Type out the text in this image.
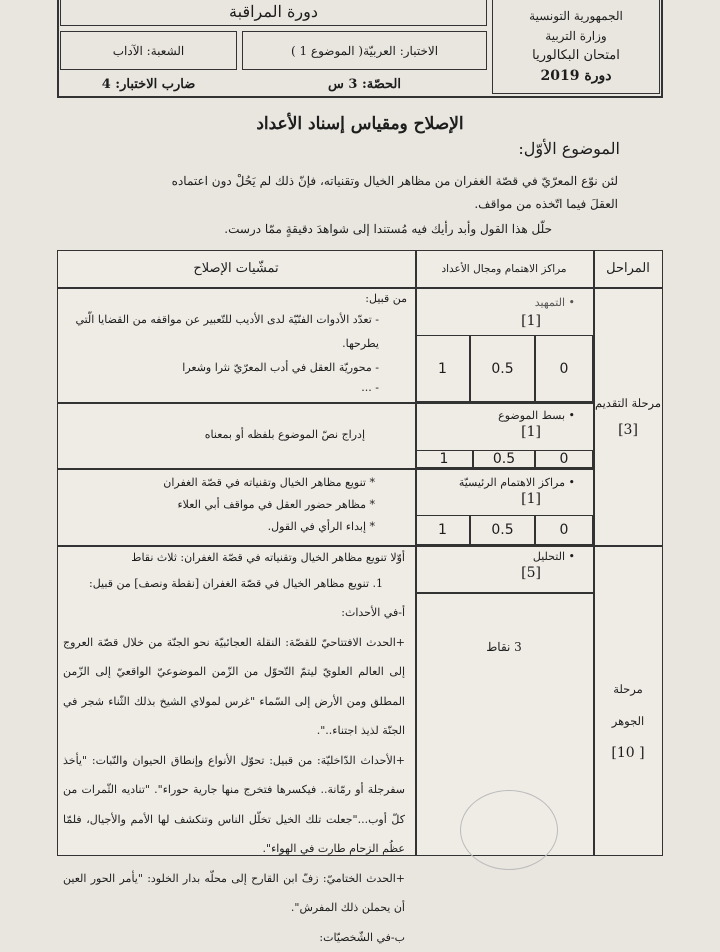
الجمهورية التونسية
وزارة التربية
امتحان البكالوريا
دورة 2019
دورة المراقبة
الاختبار: العربيّة( الموضوع 1 )
الشعبة: الآداب
الحصّة: 3 س
ضارب الاختبار: 4
الإصلاح ومقياس إسناد الأعداد
الموضوع الأوّل:
لئن نوّع المعرّيّ في قصّة الغفران من مظاهر الخيال وتقنياته، فإنّ ذلك لم يَحُلْ دون اعتماده
العقلَ فيما اتّخذه من مواقف.
حلّل هذا القول وأبد رأيك فيه مُستندا إلى شواهدَ دقيقةٍ ممّا درست.
المراحل
مراكز الاهتمام ومجال الأعداد
تمشّيات الإصلاح
مرحلة التقديم
[3]
• التمهيد
[1]
0
0.5
1
من قبيل:
- تعدّد الأدوات الفنّيّة لدى الأديب للتّعبير عن مواقفه من القضايا الّتي يطرحها.
- محوريّة العقل في أدب المعرّيّ نثرا وشعرا
- ...
• بسط الموضوع
[1]
0
0.5
1
إدراج نصّ الموضوع بلفظه أو بمعناه
• مراكز الاهتمام الرئيسيّة
[1]
0
0.5
1
* تنويع مظاهر الخيال وتقنياته في قصّة الغفران
* مظاهر حضور العقل في مواقف أبي العلاء
* إبداء الرأي في القول.
مرحلة
الجوهر
[ 10]
• التحليل
[5]
3 نقاط
أوّلا تنويع مظاهر الخيال وتقنياته في قصّة الغفران: ثلاث نقاط
1. تنويع مظاهر الخيال في قصّة الغفران [نقطة ونصف] من قبيل:
أ-في الأحداث:
+الحدث الافتتاحيّ للقصّة: النقلة العجائبيّة نحو الجنّة من خلال قصّة العروج إلى العالم العلويّ ليتمّ التّحوّل من الزّمن الموضوعيّ الواقعيّ إلى الزّمن المطلق ومن الأرض إلى السّماء "غرس لمولاي الشيخ بذلك الثّناء شجر في الجنّة لذيذ اجتناء..".
+الأحداث الدّاخليّة: من قبيل: تحوّل الأنواع وإنطاق الحيوان والنّبات: "يأخذ سفرجلة أو رمّانة.. فيكسرها فتخرج منها جارية حوراء". "تناديه الثّمرات من كلّ أوب..."جعلت تلك الخيل تخلّل الناس وتنكشف لها الأمم والأجيال، فلمّا عظُم الزحام طارت في الهواء".
+الحدث الختاميّ: زفّ ابن القارح إلى محلّه بدار الخلود: "يأمر الحور العين أن يحملن ذلك المفرش".
ب-في الشّخصيّات:
